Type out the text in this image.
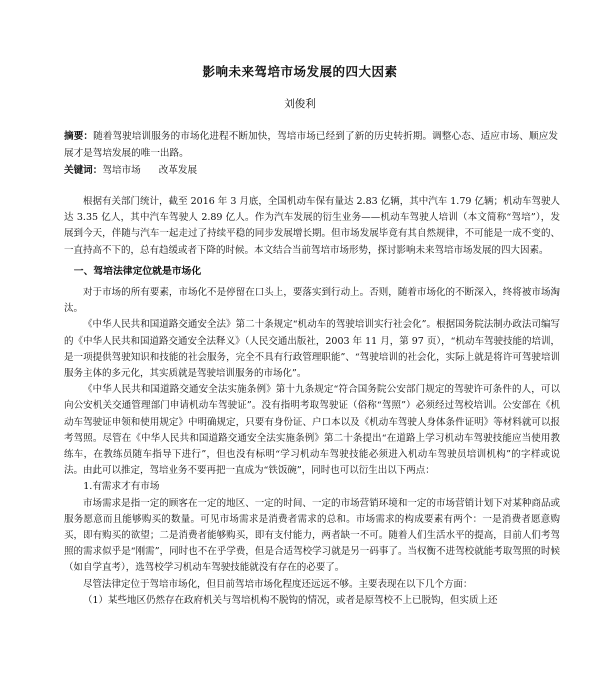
影响未来驾培市场发展的四大因素
刘俊利

摘要：随着驾驶培训服务的市场化进程不断加快，驾培市场已经到了新的历史转折期。调整心态、适应市场、顺应发展才是驾培发展的唯一出路。

关键词：驾培市场 改革发展

根据有关部门统计，截至 2016 年 3 月底，全国机动车保有量达 2.83 亿辆，其中汽车 1.79 亿辆；机动车驾驶人达 3.35 亿人，其中汽车驾驶人 2.89 亿人。作为汽车发展的衍生业务——机动车驾驶人培训（本文简称“驾培”），发展到今天，伴随与汽车一起走过了持续平稳的同步发展增长期。但市场发展毕竟有其自然规律，不可能是一成不变的、一直持高不下的，总有趋缓或者下降的时候。本文结合当前驾培市场形势，探讨影响未来驾培市场发展的四大因素。

一、驾培法律定位就是市场化

对于市场的所有要素，市场化不是停留在口头上，要落实到行动上。否则，随着市场化的不断深入，终将被市场淘汰。

《中华人民共和国道路交通安全法》第二十条规定“机动车的驾驶培训实行社会化”。根据国务院法制办政法司编写的《中华人民共和国道路交通安全法释义》（人民交通出版社，2003 年 11 月，第 97 页），“机动车驾驶技能的培训，是一项提供驾驶知识和技能的社会服务，完全不具有行政管理职能”、“驾驶培训的社会化，实际上就是将许可驾驶培训服务主体的多元化，其实质就是驾驶培训服务的市场化”。

《中华人民共和国道路交通安全法实施条例》第十九条规定“符合国务院公安部门规定的驾驶许可条件的人，可以向公安机关交通管理部门申请机动车驾驶证”。没有指明考取驾驶证（俗称“驾照”）必须经过驾校培训。公安部在《机动车驾驶证申领和使用规定》中明确规定，只要有身份证、户口本以及《机动车驾驶人身体条件证明》等材料就可以报考驾照。尽管在《中华人民共和国道路交通安全法实施条例》第二十条提出“在道路上学习机动车驾驶技能应当使用教练车，在教练员随车指导下进行”，但也没有标明“学习机动车驾驶技能必须进入机动车驾驶员培训机构”的字样或说法。由此可以推定，驾培业务不要再把一直成为“铁饭碗”，同时也可以衍生出以下两点：

1.有需求才有市场

市场需求是指一定的顾客在一定的地区、一定的时间、一定的市场营销环境和一定的市场营销计划下对某种商品或服务愿意而且能够购买的数量。可见市场需求是消费者需求的总和。市场需求的构成要素有两个：一是消费者愿意购买，即有购买的欲望；二是消费者能够购买，即有支付能力，两者缺一不可。随着人们生活水平的提高，目前人们考驾照的需求似乎是“刚需”，同时也不在乎学费，但是合适驾校学习就是另一码事了。当权衡不进驾校就能考取驾照的时候（如自学直考），选驾校学习机动车驾驶技能就没有存在的必要了。

尽管法律定位于驾培市场化，但目前驾培市场化程度还远远不够。主要表现在以下几个方面：

（1）某些地区仍然存在政府机关与驾培机构不脱钩的情况，或者是原驾校不上已脱钩，但实质上还
